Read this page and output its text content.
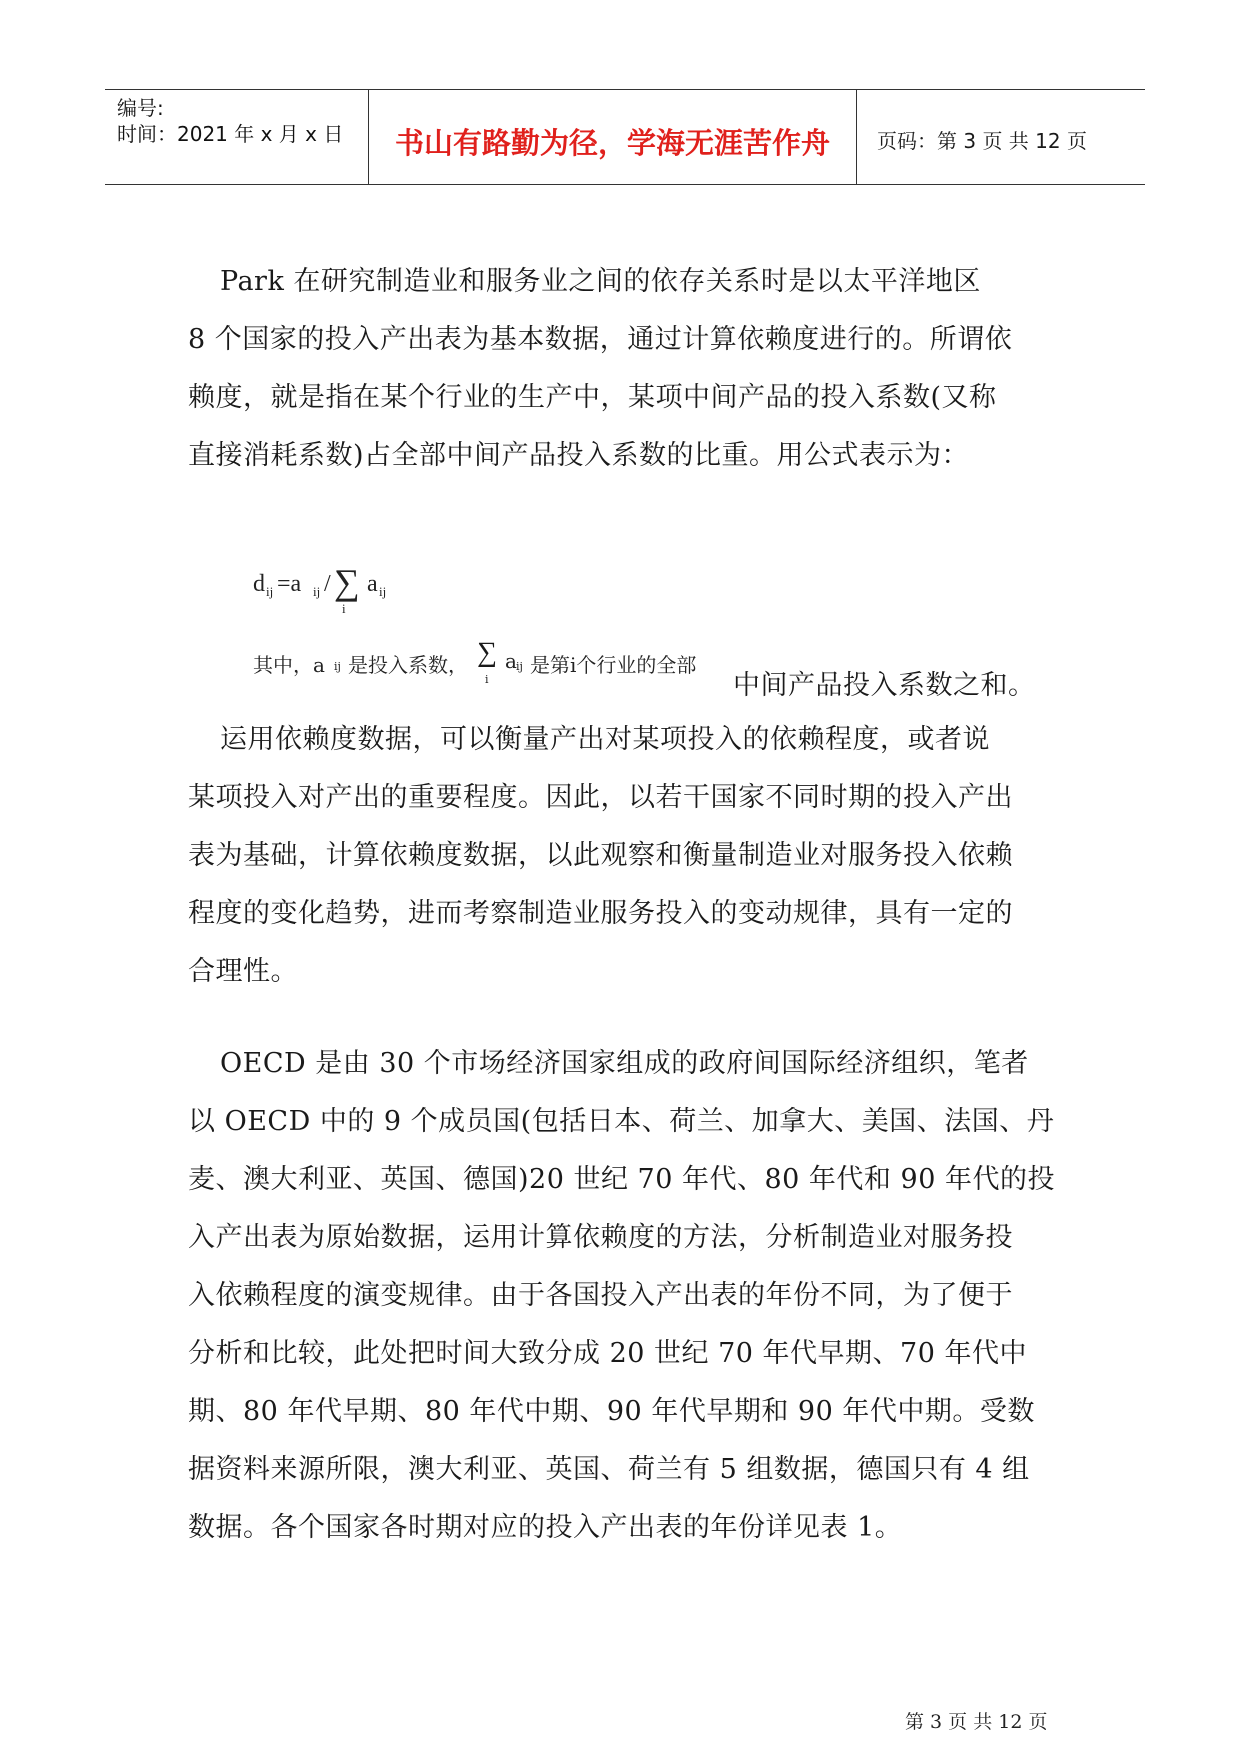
编号:
时间：2021 年 x 月 x 日	书山有路勤为径，学海无涯苦作舟	页码：第 3 页 共 12 页
Park 在研究制造业和服务业之间的依存关系时是以太平洋地区
8 个国家的投入产出表为基本数据，通过计算依赖度进行的。所谓依
赖度，就是指在某个行业的生产中，某项中间产品的投入系数(又称
直接消耗系数)占全部中间产品投入系数的比重。用公式表示为：
d ij =a ij / ∑
i
a ij
其中，a ij 是投入系数， ∑
i
a ij 是第i个行业的全部
中间产品投入系数之和。
运用依赖度数据，可以衡量产出对某项投入的依赖程度，或者说
某项投入对产出的重要程度。因此，以若干国家不同时期的投入产出
表为基础，计算依赖度数据，以此观察和衡量制造业对服务投入依赖
程度的变化趋势，进而考察制造业服务投入的变动规律，具有一定的
合理性。
OECD 是由 30 个市场经济国家组成的政府间国际经济组织，笔者
以 OECD 中的 9 个成员国(包括日本、荷兰、加拿大、美国、法国、丹
麦、澳大利亚、英国、德国)20 世纪 70 年代、80 年代和 90 年代的投
入产出表为原始数据，运用计算依赖度的方法，分析制造业对服务投
入依赖程度的演变规律。由于各国投入产出表的年份不同，为了便于
分析和比较，此处把时间大致分成 20 世纪 70 年代早期、70 年代中
期、80 年代早期、80 年代中期、90 年代早期和 90 年代中期。受数
据资料来源所限，澳大利亚、英国、荷兰有 5 组数据，德国只有 4 组
数据。各个国家各时期对应的投入产出表的年份详见表 1。
第 3 页 共 12 页
